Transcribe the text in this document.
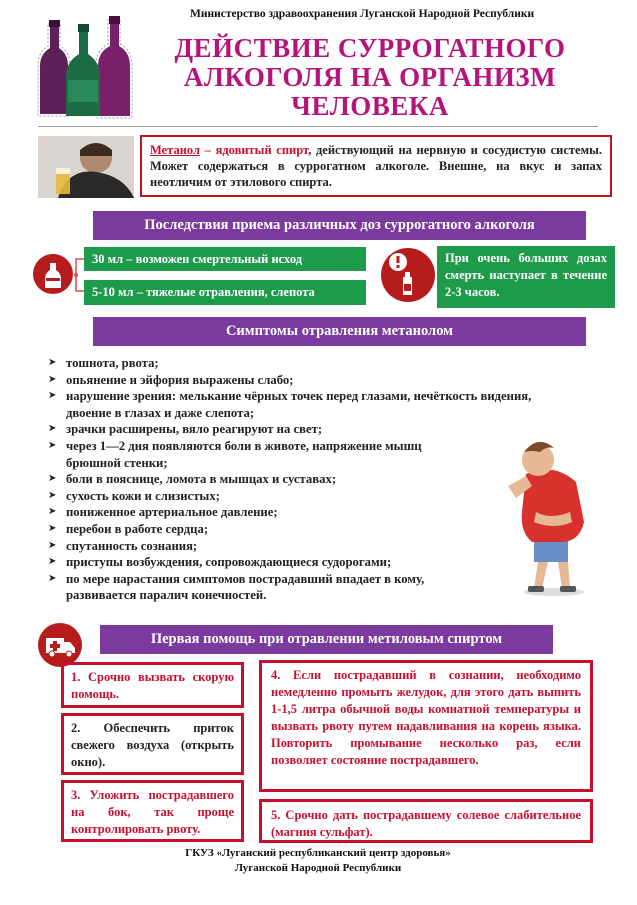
Министерство здравоохранения Луганской Народной Республики
ДЕЙСТВИЕ СУРРОГАТНОГО АЛКОГОЛЯ НА ОРГАНИЗМ ЧЕЛОВЕКА
Метанол – ядовитый спирт, действующий на нервную и сосудистую системы. Может содержаться в суррогатном алкоголе. Внешне, на вкус и запах неотличим от этилового спирта.
Последствия приема различных доз суррогатного алкоголя
30 мл – возможен смертельный исход
5-10 мл – тяжелые отравления, слепота
При очень больших дозах смерть наступает в течение 2-3 часов.
Симптомы отравления метанолом
➤ тошнота, рвота;
➤ опьянение и эйфория выражены слабо;
➤ нарушение зрения: мелькание чёрных точек перед глазами, нечёткость видения, двоение в глазах и даже слепота;
➤ зрачки расширены, вяло реагируют на свет;
➤ через 1—2 дня появляются боли в животе, напряжение мышц брюшной стенки;
➤ боли в пояснице, ломота в мышцах и суставах;
➤ сухость кожи и слизистых;
➤ пониженное артериальное давление;
➤ перебои в работе сердца;
➤ спутанность сознания;
➤ приступы возбуждения, сопровождающиеся судорогами;
➤ по мере нарастания симптомов пострадавший впадает в кому, развивается паралич конечностей.
Первая помощь при отравлении метиловым спиртом
1. Срочно вызвать скорую помощь.
2. Обеспечить приток свежего воздуха (открыть окно).
3. Уложить пострадавшего на бок, так проще контролировать рвоту.
4. Если пострадавший в сознании, необходимо немедленно промыть желудок, для этого дать выпить 1-1,5 литра обычной воды комнатной температуры и вызвать рвоту путем надавливания на корень языка. Повторить промывание несколько раз, если позволяет состояние пострадавшего.
5. Срочно дать пострадавшему солевое слабительное (магния сульфат).
ГКУЗ «Луганский республиканский центр здоровья»
Луганской Народной Республики
